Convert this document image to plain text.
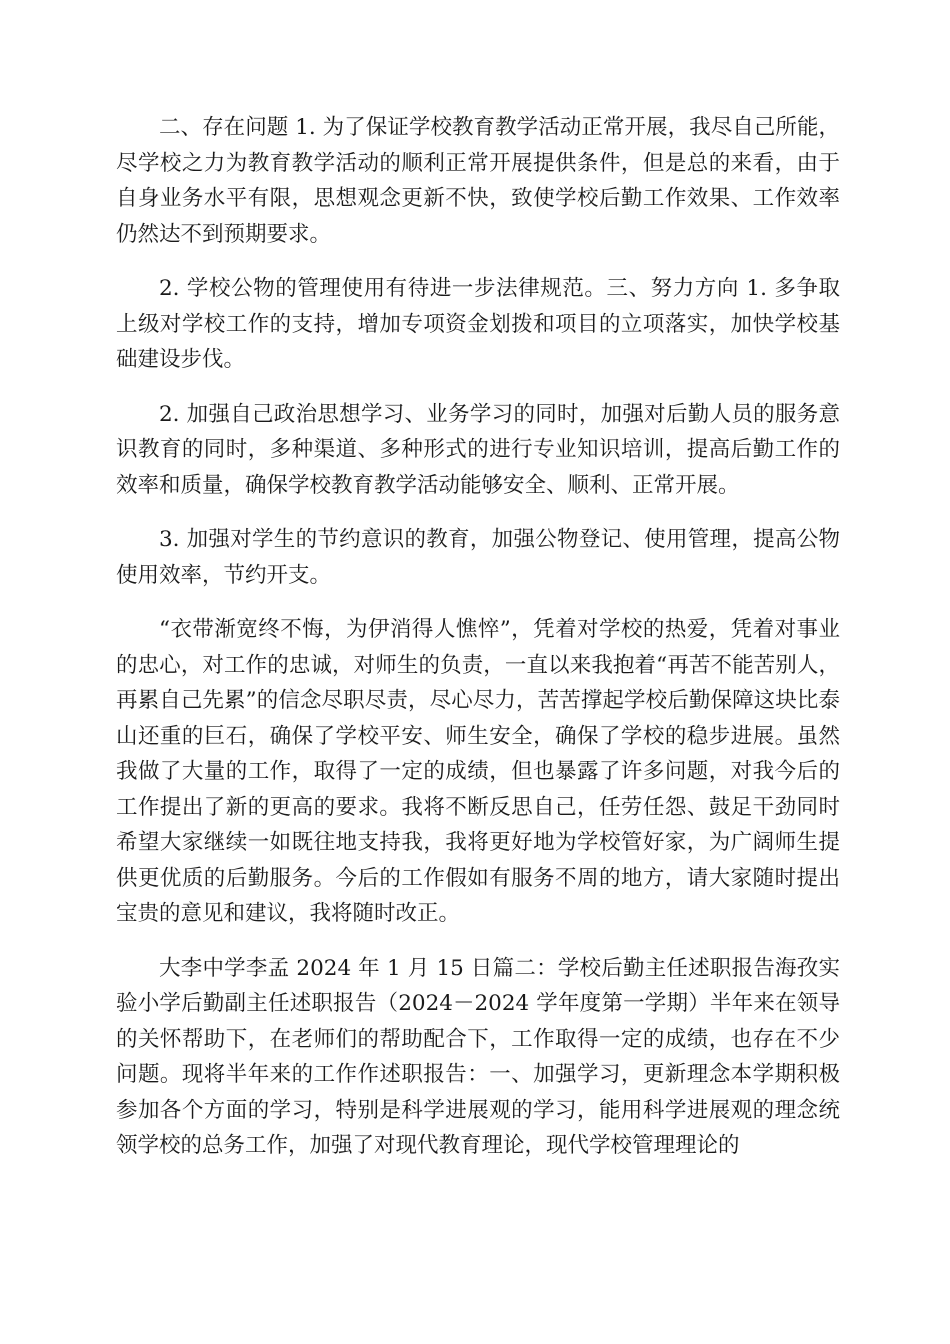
二、存在问题 1. 为了保证学校教育教学活动正常开展，我尽自己所能，尽学校之力为教育教学活动的顺利正常开展提供条件，但是总的来看，由于自身业务水平有限，思想观念更新不快，致使学校后勤工作效果、工作效率仍然达不到预期要求。

2. 学校公物的管理使用有待进一步法律规范。三、努力方向 1. 多争取上级对学校工作的支持，增加专项资金划拨和项目的立项落实，加快学校基础建设步伐。

2. 加强自己政治思想学习、业务学习的同时，加强对后勤人员的服务意识教育的同时，多种渠道、多种形式的进行专业知识培训，提高后勤工作的效率和质量，确保学校教育教学活动能够安全、顺利、正常开展。

3. 加强对学生的节约意识的教育，加强公物登记、使用管理，提高公物使用效率，节约开支。

“衣带渐宽终不悔，为伊消得人憔悴”，凭着对学校的热爱，凭着对事业的忠心，对工作的忠诚，对师生的负责，一直以来我抱着“再苦不能苦别人，再累自己先累”的信念尽职尽责，尽心尽力，苦苦撑起学校后勤保障这块比泰山还重的巨石，确保了学校平安、师生安全，确保了学校的稳步进展。虽然我做了大量的工作，取得了一定的成绩，但也暴露了许多问题，对我今后的工作提出了新的更高的要求。我将不断反思自己，任劳任怨、鼓足干劲同时希望大家继续一如既往地支持我，我将更好地为学校管好家，为广阔师生提供更优质的后勤服务。今后的工作假如有服务不周的地方，请大家随时提出宝贵的意见和建议，我将随时改正。

大李中学李孟 2024 年 1 月 15 日篇二：学校后勤主任述职报告海孜实验小学后勤副主任述职报告（2024－2024 学年度第一学期）半年来在领导的关怀帮助下，在老师们的帮助配合下，工作取得一定的成绩，也存在不少问题。现将半年来的工作作述职报告：一、加强学习，更新理念本学期积极参加各个方面的学习，特别是科学进展观的学习，能用科学进展观的理念统领学校的总务工作，加强了对现代教育理论，现代学校管理理论的
